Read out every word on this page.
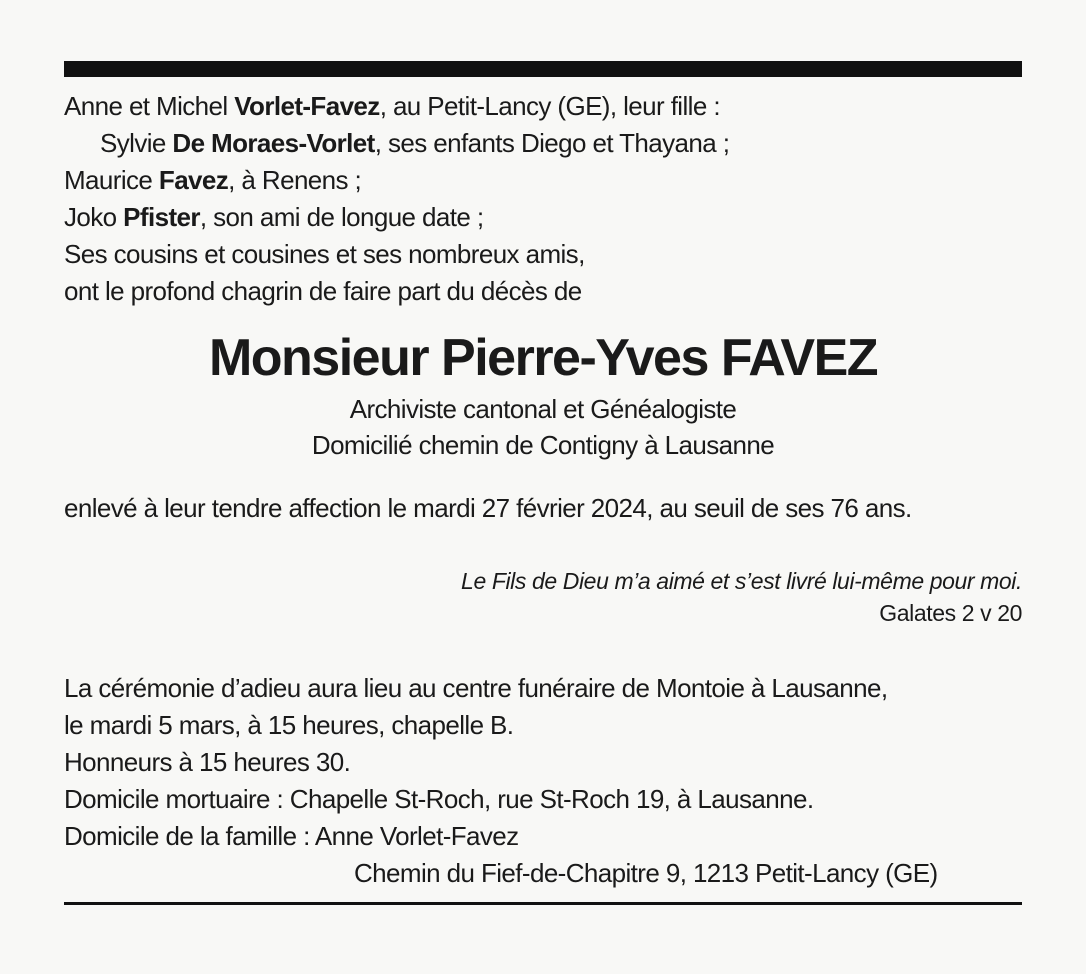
Anne et Michel Vorlet-Favez, au Petit-Lancy (GE), leur fille :
Sylvie De Moraes-Vorlet, ses enfants Diego et Thayana ;
Maurice Favez, à Renens ;
Joko Pfister, son ami de longue date ;
Ses cousins et cousines et ses nombreux amis,
ont le profond chagrin de faire part du décès de
Monsieur Pierre-Yves FAVEZ
Archiviste cantonal et Généalogiste
Domicilié chemin de Contigny à Lausanne
enlevé à leur tendre affection le mardi 27 février 2024, au seuil de ses 76 ans.
Le Fils de Dieu m’a aimé et s’est livré lui-même pour moi.
Galates 2 v 20
La cérémonie d’adieu aura lieu au centre funéraire de Montoie à Lausanne,
le mardi 5 mars, à 15 heures, chapelle B.
Honneurs à 15 heures 30.
Domicile mortuaire : Chapelle St-Roch, rue St-Roch 19, à Lausanne.
Domicile de la famille : Anne Vorlet-Favez
Chemin du Fief-de-Chapitre 9, 1213 Petit-Lancy (GE)
